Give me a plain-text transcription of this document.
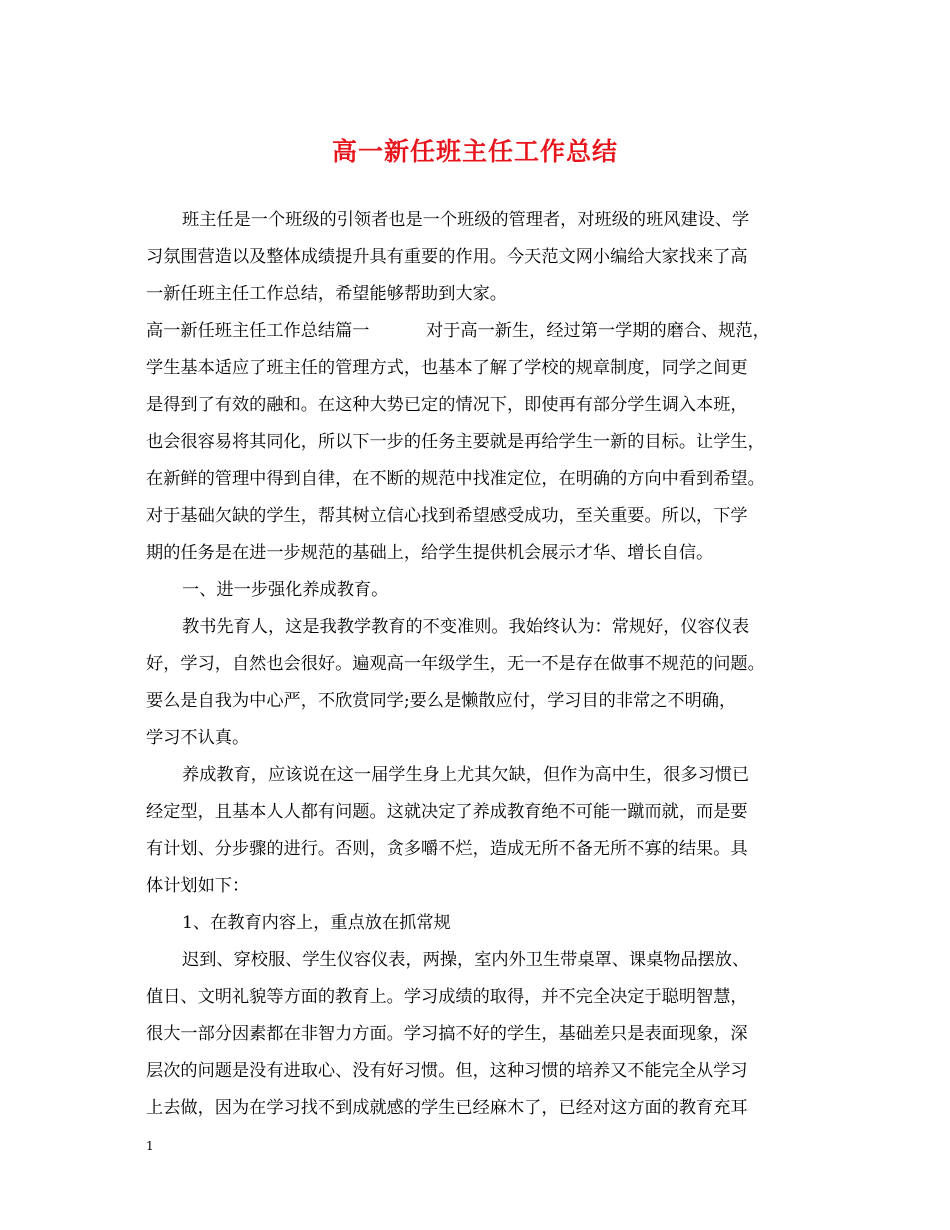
高一新任班主任工作总结
班主任是一个班级的引领者也是一个班级的管理者，对班级的班风建设、学
习氛围营造以及整体成绩提升具有重要的作用。今天范文网小编给大家找来了高
一新任班主任工作总结，希望能够帮助到大家。
高一新任班主任工作总结篇一	对于高一新生，经过第一学期的磨合、规范，
学生基本适应了班主任的管理方式，也基本了解了学校的规章制度，同学之间更
是得到了有效的融和。在这种大势已定的情况下，即使再有部分学生调入本班，
也会很容易将其同化，所以下一步的任务主要就是再给学生一新的目标。让学生，
在新鲜的管理中得到自律，在不断的规范中找准定位，在明确的方向中看到希望。
对于基础欠缺的学生，帮其树立信心找到希望感受成功，至关重要。所以，下学
期的任务是在进一步规范的基础上，给学生提供机会展示才华、增长自信。
一、进一步强化养成教育。
教书先育人，这是我教学教育的不变准则。我始终认为：常规好，仪容仪表
好，学习，自然也会很好。遍观高一年级学生，无一不是存在做事不规范的问题。
要么是自我为中心严，不欣赏同学;要么是懒散应付，学习目的非常之不明确，
学习不认真。
养成教育，应该说在这一届学生身上尤其欠缺，但作为高中生，很多习惯已
经定型，且基本人人都有问题。这就决定了养成教育绝不可能一蹴而就，而是要
有计划、分步骤的进行。否则，贪多嚼不烂，造成无所不备无所不寡的结果。具
体计划如下：
1、在教育内容上，重点放在抓常规
迟到、穿校服、学生仪容仪表，两操，室内外卫生带桌罩、课桌物品摆放、
值日、文明礼貌等方面的教育上。学习成绩的取得，并不完全决定于聪明智慧，
很大一部分因素都在非智力方面。学习搞不好的学生，基础差只是表面现象，深
层次的问题是没有进取心、没有好习惯。但，这种习惯的培养又不能完全从学习
上去做，因为在学习找不到成就感的学生已经麻木了，已经对这方面的教育充耳
1
